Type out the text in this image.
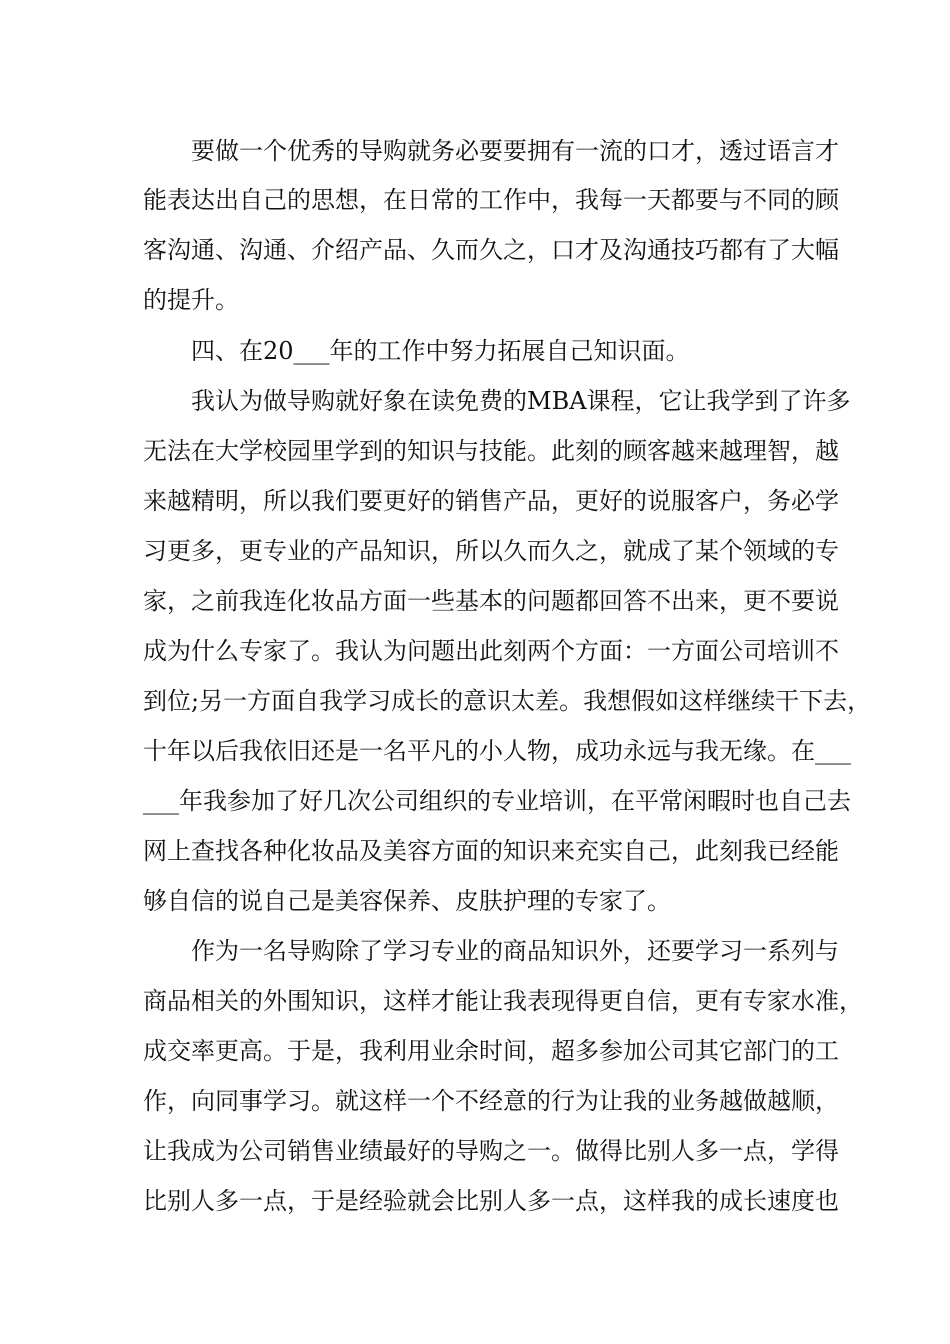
要做一个优秀的导购就务必要要拥有一流的口才，透过语言才
能表达出自己的思想，在日常的工作中，我每一天都要与不同的顾
客沟通、沟通、介绍产品、久而久之，口才及沟通技巧都有了大幅
的提升。
四、在20___年的工作中努力拓展自己知识面。
我认为做导购就好象在读免费的MBA课程，它让我学到了许多
无法在大学校园里学到的知识与技能。此刻的顾客越来越理智，越
来越精明，所以我们要更好的销售产品，更好的说服客户，务必学
习更多，更专业的产品知识，所以久而久之，就成了某个领域的专
家，之前我连化妆品方面一些基本的问题都回答不出来，更不要说
成为什么专家了。我认为问题出此刻两个方面：一方面公司培训不
到位;另一方面自我学习成长的意识太差。我想假如这样继续干下去，
十年以后我依旧还是一名平凡的小人物，成功永远与我无缘。在___
___年我参加了好几次公司组织的专业培训，在平常闲暇时也自己去
网上查找各种化妆品及美容方面的知识来充实自己，此刻我已经能
够自信的说自己是美容保养、皮肤护理的专家了。
作为一名导购除了学习专业的商品知识外，还要学习一系列与
商品相关的外围知识，这样才能让我表现得更自信，更有专家水准，
成交率更高。于是，我利用业余时间，超多参加公司其它部门的工
作，向同事学习。就这样一个不经意的行为让我的业务越做越顺，
让我成为公司销售业绩最好的导购之一。做得比别人多一点，学得
比别人多一点，于是经验就会比别人多一点，这样我的成长速度也
